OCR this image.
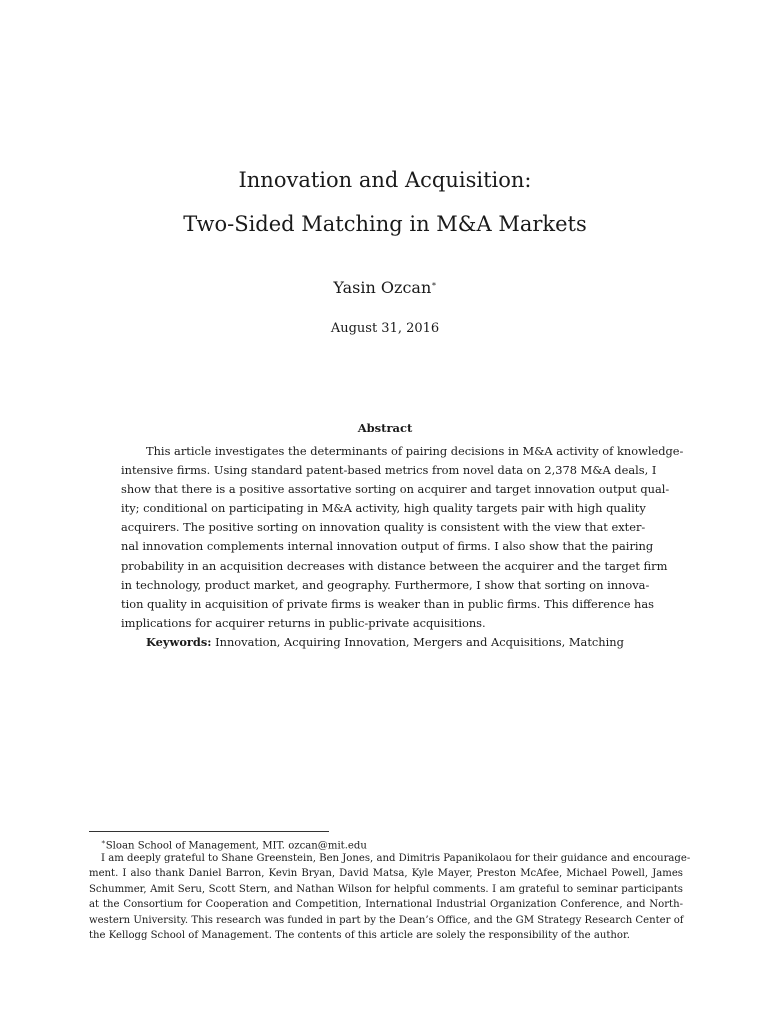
Innovation and Acquisition:
Two-Sided Matching in M&A Markets
Yasin Ozcan∗
August 31, 2016
Abstract
This article investigates the determinants of pairing decisions in M&A activity of knowledge-
intensive firms. Using standard patent-based metrics from novel data on 2,378 M&A deals, I
show that there is a positive assortative sorting on acquirer and target innovation output qual-
ity; conditional on participating in M&A activity, high quality targets pair with high quality
acquirers. The positive sorting on innovation quality is consistent with the view that exter-
nal innovation complements internal innovation output of firms. I also show that the pairing
probability in an acquisition decreases with distance between the acquirer and the target firm
in technology, product market, and geography. Furthermore, I show that sorting on innova-
tion quality in acquisition of private firms is weaker than in public firms. This difference has
implications for acquirer returns in public-private acquisitions.
Keywords: Innovation, Acquiring Innovation, Mergers and Acquisitions, Matching
∗Sloan School of Management, MIT. ozcan@mit.edu
I am deeply grateful to Shane Greenstein, Ben Jones, and Dimitris Papanikolaou for their guidance and encourage-
ment. I also thank Daniel Barron, Kevin Bryan, David Matsa, Kyle Mayer, Preston McAfee, Michael Powell, James
Schummer, Amit Seru, Scott Stern, and Nathan Wilson for helpful comments. I am grateful to seminar participants
at the Consortium for Cooperation and Competition, International Industrial Organization Conference, and North-
western University. This research was funded in part by the Dean’s Office, and the GM Strategy Research Center of
the Kellogg School of Management. The contents of this article are solely the responsibility of the author.
